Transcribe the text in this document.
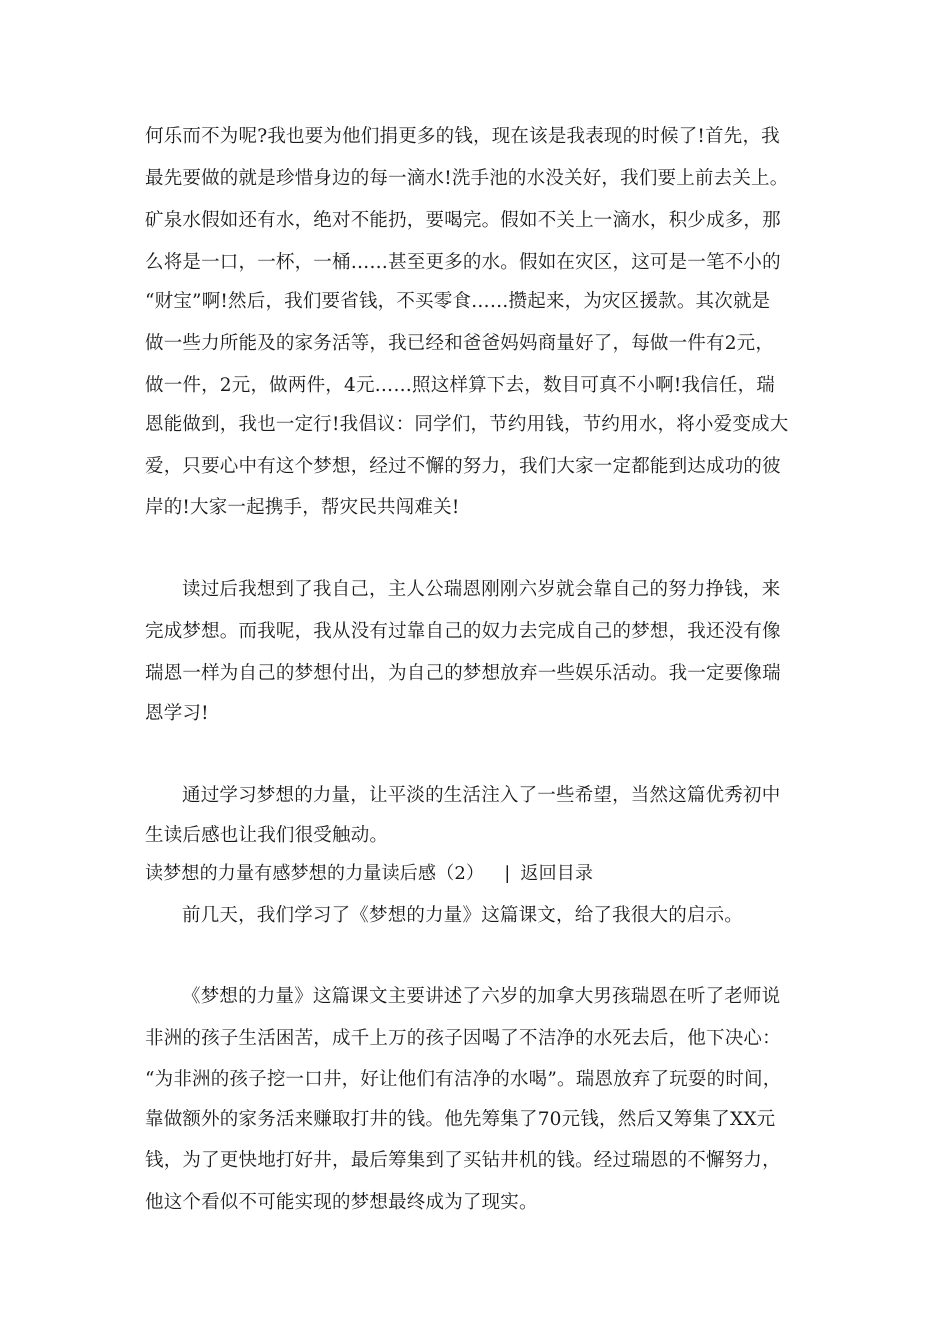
何乐而不为呢?我也要为他们捐更多的钱，现在该是我表现的时候了!首先，我
最先要做的就是珍惜身边的每一滴水!洗手池的水没关好，我们要上前去关上。
矿泉水假如还有水，绝对不能扔，要喝完。假如不关上一滴水，积少成多，那
么将是一口，一杯，一桶……甚至更多的水。假如在灾区，这可是一笔不小的
“财宝”啊!然后，我们要省钱，不买零食……攒起来，为灾区援款。其次就是
做一些力所能及的家务活等，我已经和爸爸妈妈商量好了，每做一件有2元，
做一件，2元，做两件，4元……照这样算下去，数目可真不小啊!我信任，瑞
恩能做到，我也一定行!我倡议：同学们，节约用钱，节约用水，将小爱变成大
爱，只要心中有这个梦想，经过不懈的努力，我们大家一定都能到达成功的彼
岸的!大家一起携手，帮灾民共闯难关!
读过后我想到了我自己，主人公瑞恩刚刚六岁就会靠自己的努力挣钱，来
完成梦想。而我呢，我从没有过靠自己的奴力去完成自己的梦想，我还没有像
瑞恩一样为自己的梦想付出，为自己的梦想放弃一些娱乐活动。我一定要像瑞
恩学习!
通过学习梦想的力量，让平淡的生活注入了一些希望，当然这篇优秀初中
生读后感也让我们很受触动。
读梦想的力量有感梦想的力量读后感（2） | 返回目录
前几天，我们学习了《梦想的力量》这篇课文，给了我很大的启示。
《梦想的力量》这篇课文主要讲述了六岁的加拿大男孩瑞恩在听了老师说
非洲的孩子生活困苦，成千上万的孩子因喝了不洁净的水死去后，他下决心：
“为非洲的孩子挖一口井，好让他们有洁净的水喝”。瑞恩放弃了玩耍的时间，
靠做额外的家务活来赚取打井的钱。他先筹集了70元钱，然后又筹集了XX元
钱，为了更快地打好井，最后筹集到了买钻井机的钱。经过瑞恩的不懈努力，
他这个看似不可能实现的梦想最终成为了现实。
